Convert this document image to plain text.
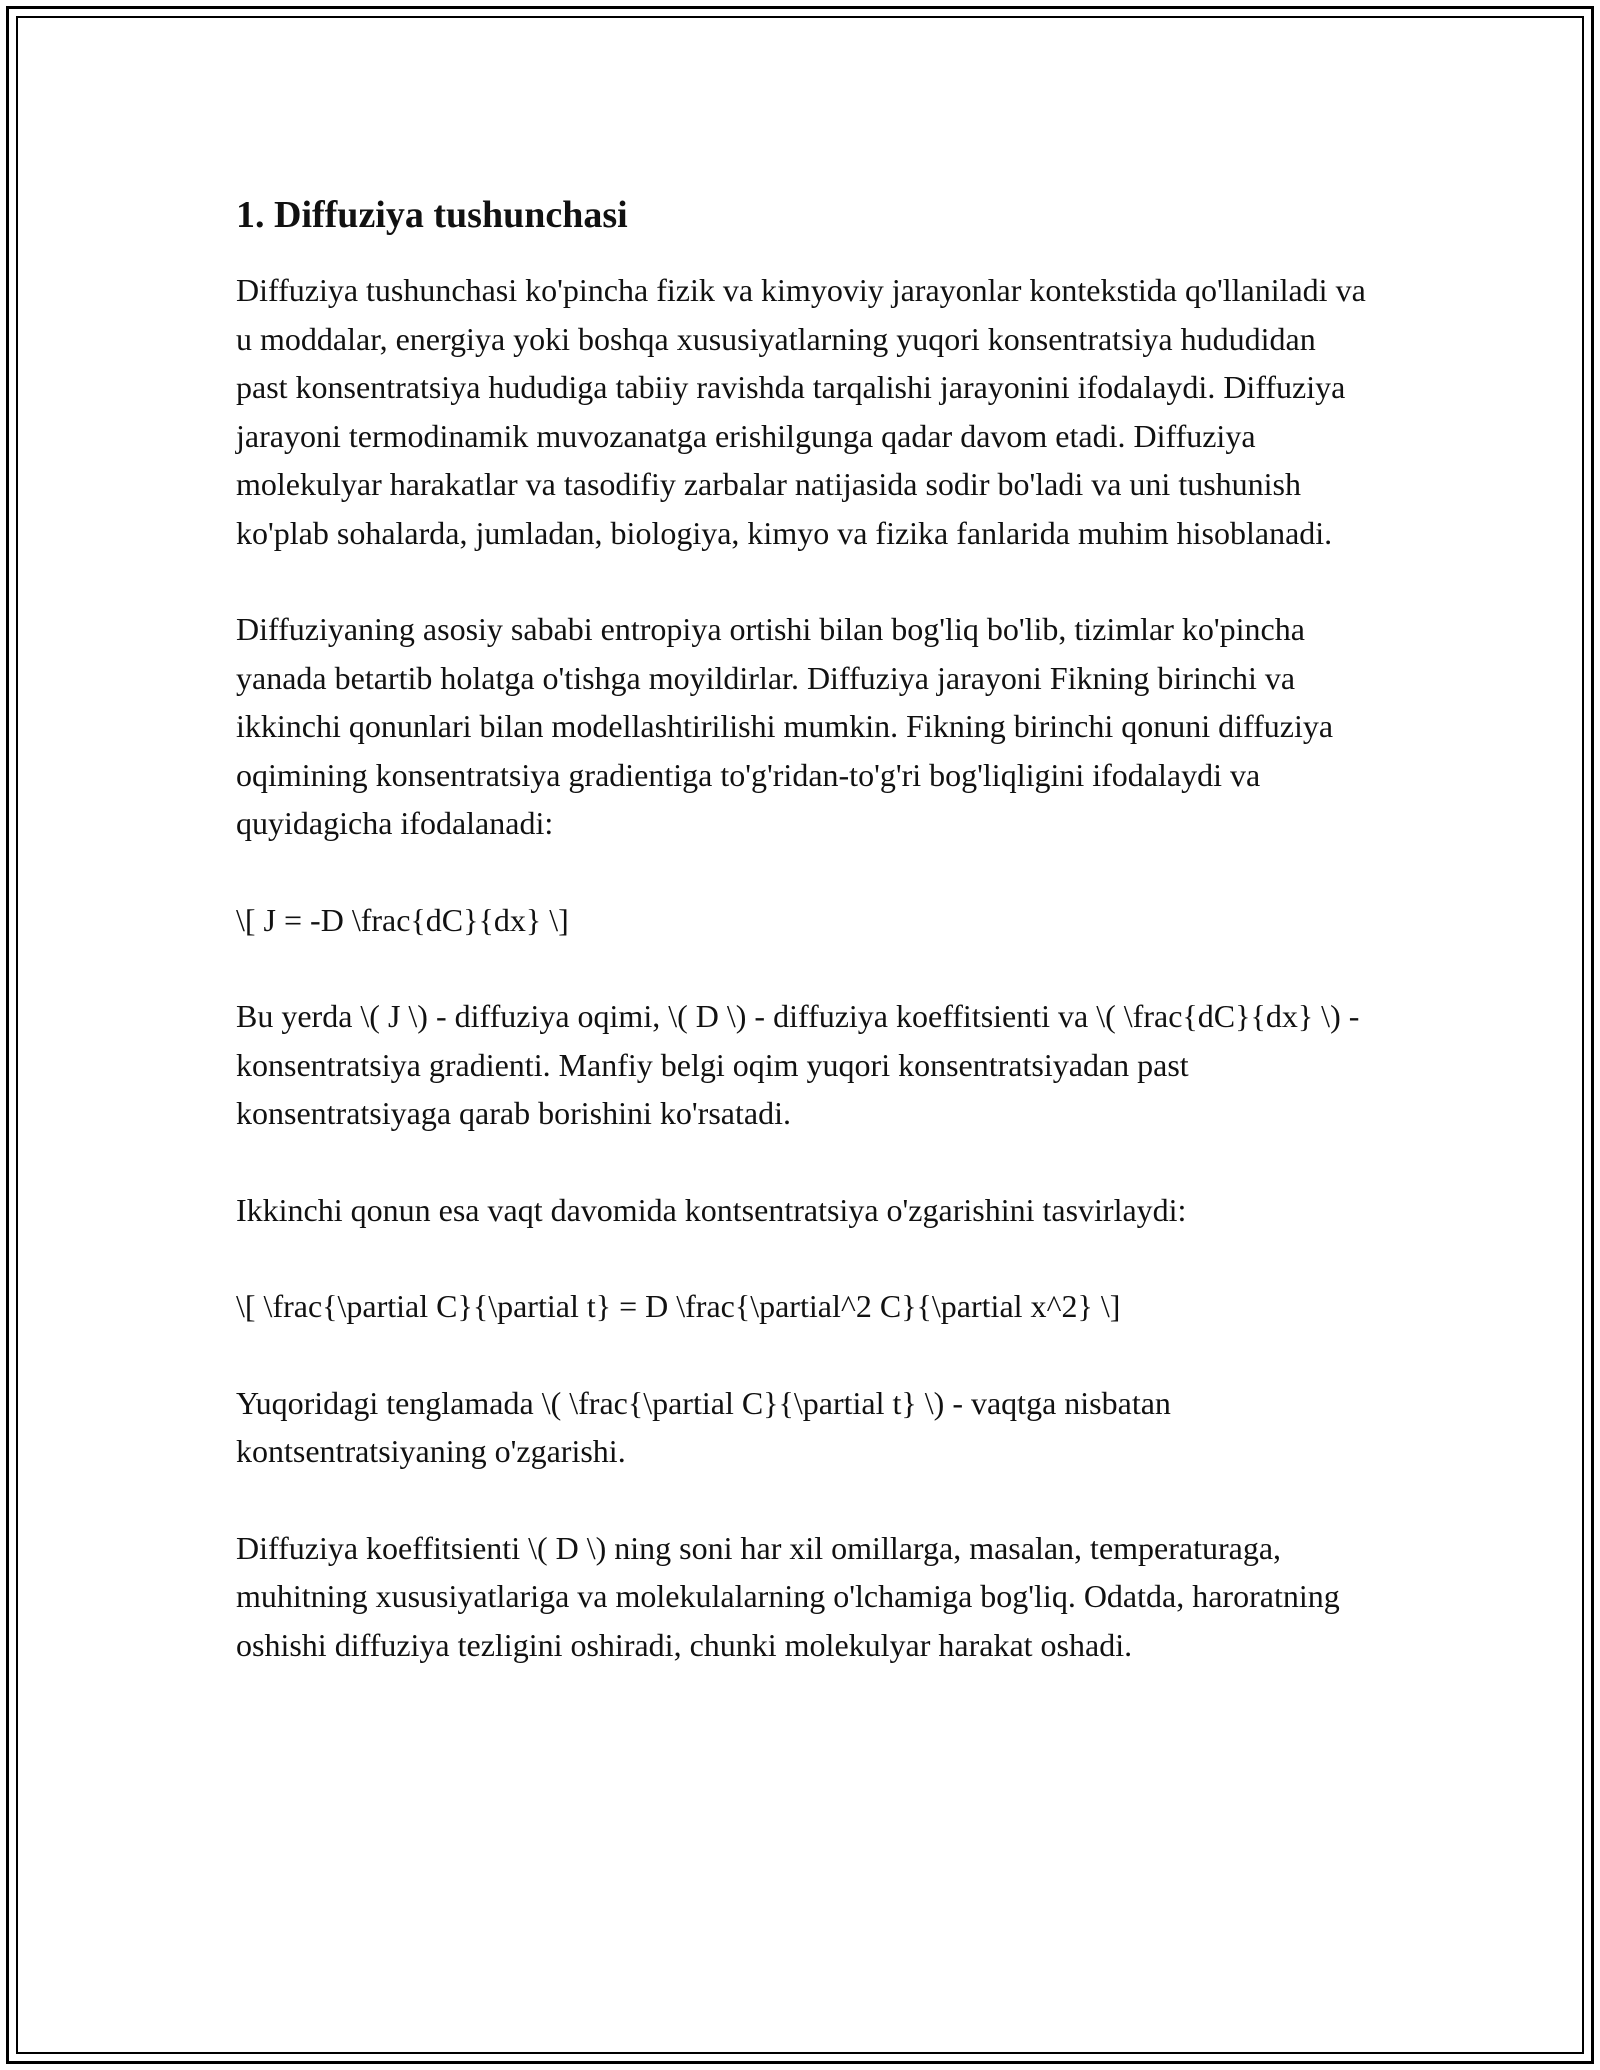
1. Diffuziya tushunchasi

Diffuziya tushunchasi ko'pincha fizik va kimyoviy jarayonlar kontekstida qo'llaniladi va u moddalar, energiya yoki boshqa xususiyatlarning yuqori konsentratsiya hududidan past konsentratsiya hududiga tabiiy ravishda tarqalishi jarayonini ifodalaydi. Diffuziya jarayoni termodinamik muvozanatga erishilgunga qadar davom etadi. Diffuziya molekulyar harakatlar va tasodifiy zarbalar natijasida sodir bo'ladi va uni tushunish ko'plab sohalarda, jumladan, biologiya, kimyo va fizika fanlarida muhim hisoblanadi.

Diffuziyaning asosiy sababi entropiya ortishi bilan bog'liq bo'lib, tizimlar ko'pincha yanada betartib holatga o'tishga moyildirlar. Diffuziya jarayoni Fikning birinchi va ikkinchi qonunlari bilan modellashtirilishi mumkin. Fikning birinchi qonuni diffuziya oqimining konsentratsiya gradientiga to'g'ridan-to'g'ri bog'liqligini ifodalaydi va quyidagicha ifodalanadi:

\[ J = -D \frac{dC}{dx} \]

Bu yerda \( J \) - diffuziya oqimi, \( D \) - diffuziya koeffitsienti va \( \frac{dC}{dx} \) - konsentratsiya gradienti. Manfiy belgi oqim yuqori konsentratsiyadan past konsentratsiyaga qarab borishini ko'rsatadi.

Ikkinchi qonun esa vaqt davomida kontsentratsiya o'zgarishini tasvirlaydi:

\[ \frac{\partial C}{\partial t} = D \frac{\partial^2 C}{\partial x^2} \]

Yuqoridagi tenglamada \( \frac{\partial C}{\partial t} \) - vaqtga nisbatan kontsentratsiyaning o'zgarishi.

Diffuziya koeffitsienti \( D \) ning soni har xil omillarga, masalan, temperaturaga, muhitning xususiyatlariga va molekulalarning o'lchamiga bog'liq. Odatda, haroratning oshishi diffuziya tezligini oshiradi, chunki molekulyar harakat oshadi.
